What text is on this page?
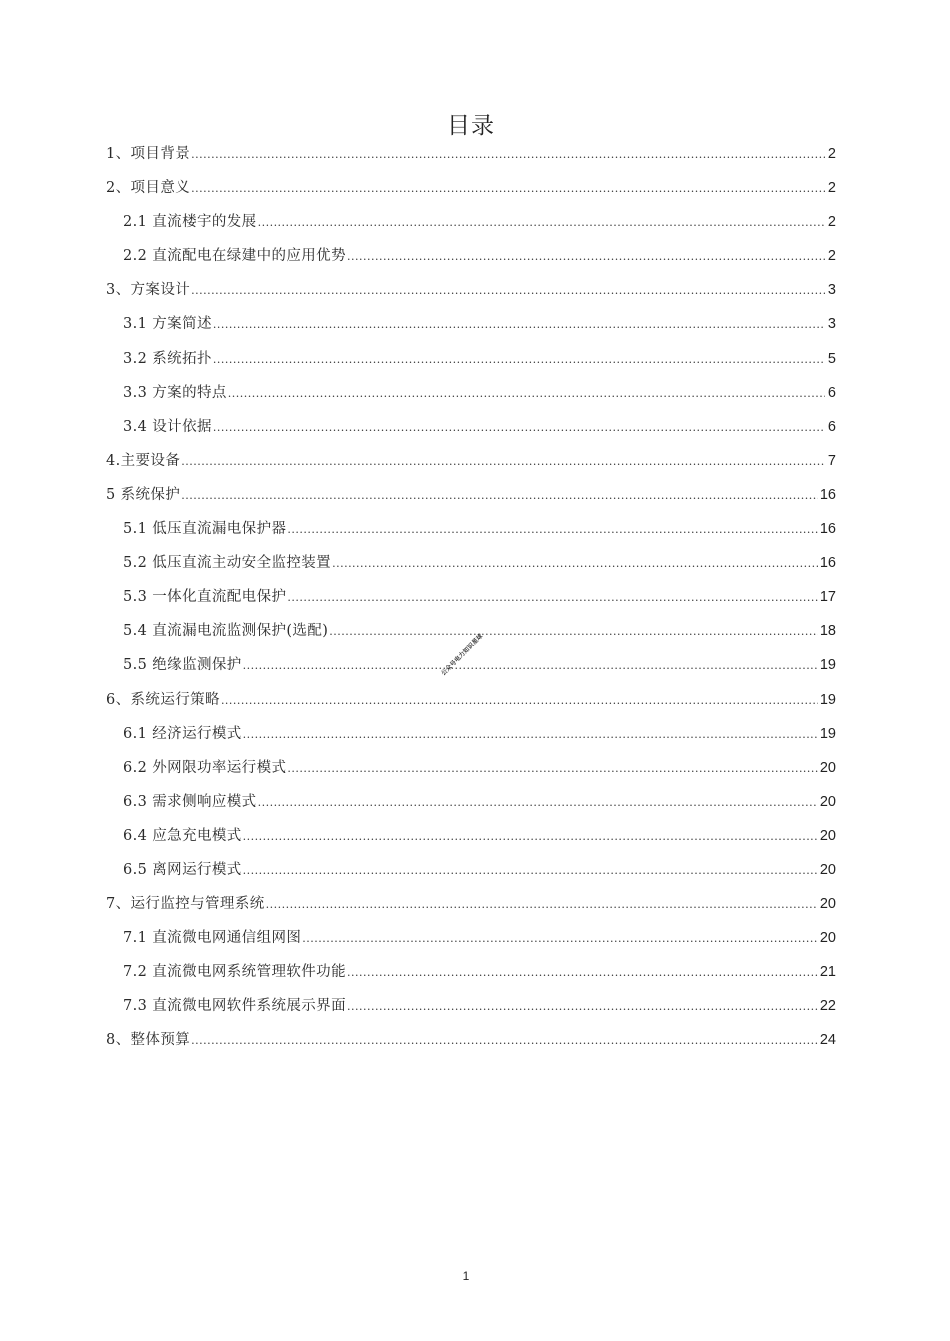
目录
1、项目背景 .....	2
2、项目意义 .....	2
2.1 直流楼宇的发展 .....	2
2.2 直流配电在绿建中的应用优势 .....	2
3、方案设计 .....	3
3.1 方案简述 .....	3
3.2 系统拓扑 .....	5
3.3 方案的特点 .....	6
3.4 设计依据 .....	6
4.主要设备 .....	7
5 系统保护 .....	16
5.1 低压直流漏电保护器 .....	16
5.2 低压直流主动安全监控装置 .....	16
5.3 一体化直流配电保护 .....	17
5.4 直流漏电流监测保护(选配) .....	18
5.5 绝缘监测保护 .....	19
6、系统运行策略 .....	19
6.1 经济运行模式 .....	19
6.2 外网限功率运行模式 .....	20
6.3 需求侧响应模式 .....	20
6.4 应急充电模式 .....	20
6.5 离网运行模式 .....	20
7、运行监控与管理系统 .....	20
7.1 直流微电网通信组网图 .....	20
7.2 直流微电网系统管理软件功能 .....	21
7.3 直流微电网软件系统展示界面 .....	22
8、整体预算 .....	24
公众号电力知识星球
1
